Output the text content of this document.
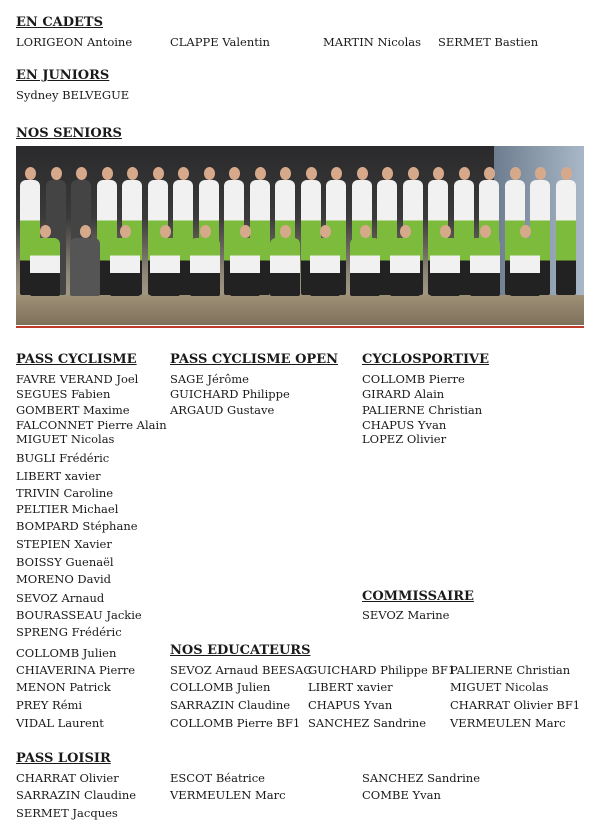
EN CADETS
LORIGEON Antoine	CLAPPE Valentin	MARTIN Nicolas SERMET Bastien
EN JUNIORS
Sydney BELVEGUE
NOS SENIORS
PASS CYCLISME
FAVRE VERAND Joel
SEGUES Fabien
GOMBERT Maxime
FALCONNET Pierre Alain
MIGUET Nicolas
BUGLI Frédéric
LIBERT xavier
TRIVIN Caroline
PELTIER Michael
BOMPARD Stéphane
STEPIEN Xavier
BOISSY Guenaël
MORENO David
SEVOZ Arnaud
BOURASSEAU Jackie
SPRENG Frédéric
COLLOMB Julien
CHIAVERINA Pierre
MENON Patrick
PREY Rémi
VIDAL Laurent
PASS CYCLISME OPEN
SAGE Jérôme
GUICHARD Philippe
ARGAUD Gustave
CYCLOSPORTIVE
COLLOMB Pierre
GIRARD Alain
PALIERNE Christian
CHAPUS Yvan
LOPEZ Olivier
COMMISSAIRE
SEVOZ Marine
NOS EDUCATEURS
SEVOZ Arnaud BEESAC
COLLOMB Julien
SARRAZIN Claudine
COLLOMB Pierre BF1
GUICHARD Philippe BF1
LIBERT xavier
CHAPUS Yvan
SANCHEZ Sandrine
PALIERNE Christian
MIGUET Nicolas
CHARRAT Olivier BF1
VERMEULEN Marc
PASS LOISIR
CHARRAT Olivier
SARRAZIN Claudine
SERMET Jacques
ESCOT Béatrice
VERMEULEN Marc
SANCHEZ Sandrine
COMBE Yvan
